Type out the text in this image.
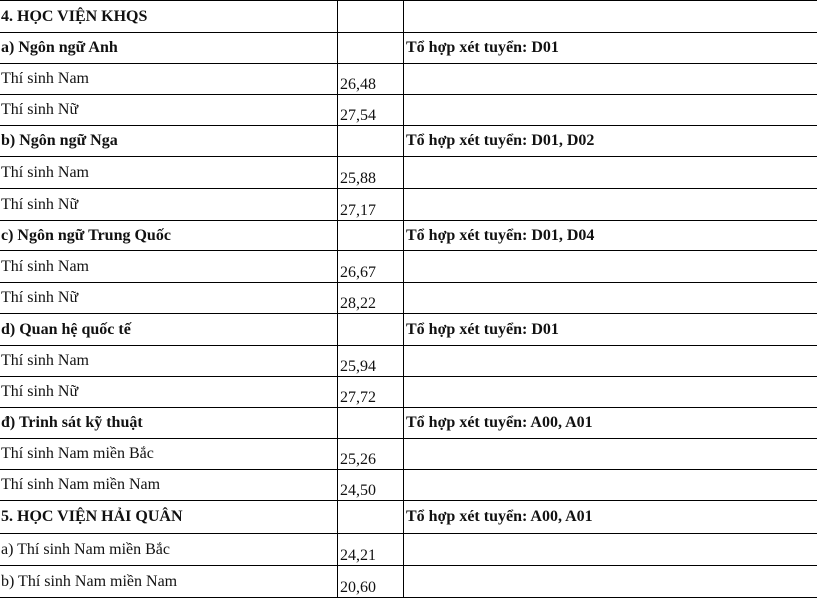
4. HỌC VIỆN KHQS		
a) Ngôn ngữ Anh		Tổ hợp xét tuyển: D01
Thí sinh Nam	26,48	
Thí sinh Nữ	27,54	
b) Ngôn ngữ Nga		Tổ hợp xét tuyển: D01, D02
Thí sinh Nam	25,88	
Thí sinh Nữ	27,17	
c) Ngôn ngữ Trung Quốc		Tổ hợp xét tuyển: D01, D04
Thí sinh Nam	26,67	
Thí sinh Nữ	28,22	
d) Quan hệ quốc tế		Tổ hợp xét tuyển: D01
Thí sinh Nam	25,94	
Thí sinh Nữ	27,72	
đ) Trinh sát kỹ thuật		Tổ hợp xét tuyển: A00, A01
Thí sinh Nam miền Bắc	25,26	
Thí sinh Nam miền Nam	24,50	
5. HỌC VIỆN HẢI QUÂN		Tổ hợp xét tuyển: A00, A01
a) Thí sinh Nam miền Bắc	24,21	
b) Thí sinh Nam miền Nam	20,60	
